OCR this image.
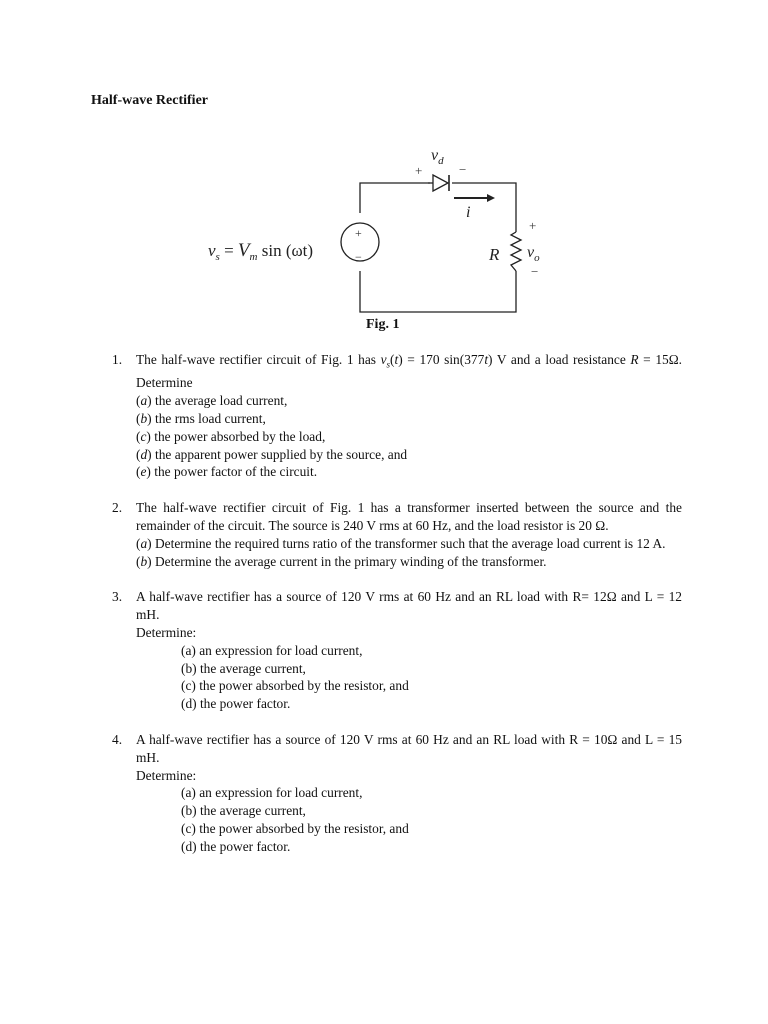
Half-wave Rectifier
+
−
$v_s = V_m$ sin (ωt)
$v_d$
+	−
i
R $v_o$
+
−
Fig. 1
1. The half-wave rectifier circuit of Fig. 1 has $v_s(t) = 170$ sin(377t) V and a load resistance R = 15Ω. Determine
(a) the average load current,
(b) the rms load current,
(c) the power absorbed by the load,
(d) the apparent power supplied by the source, and
(e) the power factor of the circuit.
2. The half-wave rectifier circuit of Fig. 1 has a transformer inserted between the source and the remainder of the circuit. The source is 240 V rms at 60 Hz, and the load resistor is 20 Ω.
(a) Determine the required turns ratio of the transformer such that the average load current is 12 A.
(b) Determine the average current in the primary winding of the transformer.
3. A half-wave rectifier has a source of 120 V rms at 60 Hz and an RL load with R= 12Ω and L = 12 mH.
Determine:
(a) an expression for load current,
(b) the average current,
(c) the power absorbed by the resistor, and
(d) the power factor.
4. A half-wave rectifier has a source of 120 V rms at 60 Hz and an RL load with R = 10Ω and L = 15 mH.
Determine:
(a) an expression for load current,
(b) the average current,
(c) the power absorbed by the resistor, and
(d) the power factor.
